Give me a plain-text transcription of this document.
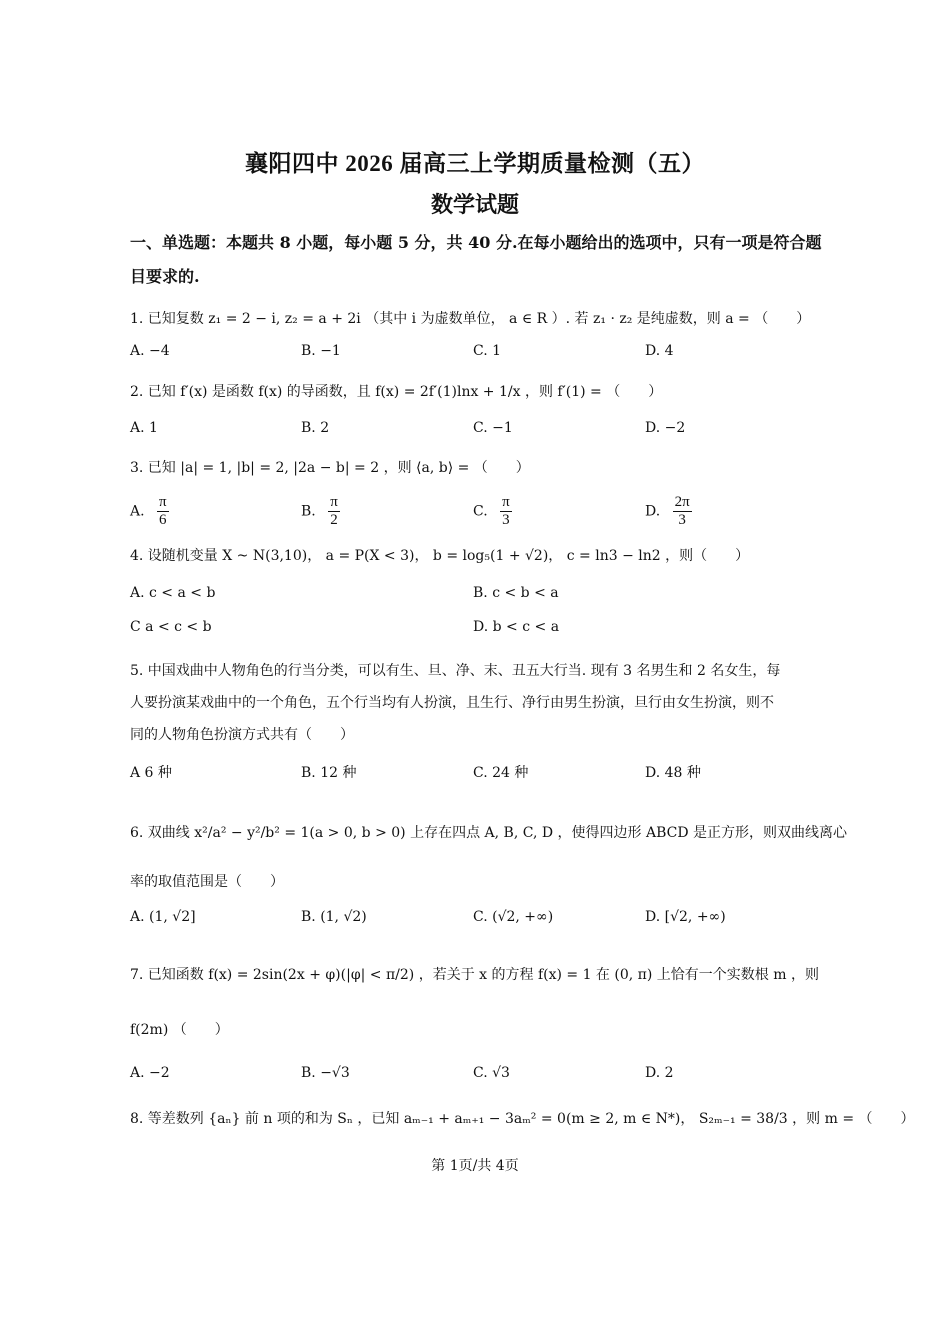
襄阳四中 2026 届高三上学期质量检测（五）
数学试题
一、单选题：本题共 8 小题，每小题 5 分，共 40 分.在每小题给出的选项中，只有一项是符合题目要求的.
1. 已知复数 z₁ = 2 − i, z₂ = a + 2i （其中 i 为虚数单位， a ∈ R ）. 若 z₁ · z₂ 是纯虚数，则 a = （　　）
A. −4	B. −1	C. 1	D. 4
2. 已知 f′(x) 是函数 f(x) 的导函数，且 f(x) = 2f′(1)lnx + 1/x ，则 f′(1) = （　　）
A. 1	B. 2	C. −1	D. −2
3. 已知 |a| = 1, |b| = 2, |2a − b| = 2 ，则 ⟨a, b⟩ = （　　）
A. $\frac{\pi}{6}$	B. $\frac{\pi}{2}$	C. $\frac{\pi}{3}$	D. $\frac{2\pi}{3}$
4. 设随机变量 X ~ N(3,10)， a = P(X < 3)， b = log₅(1 + √2)， c = ln3 − ln2 ，则（　　）
A. c < a < b	B. c < b < a
C a < c < b	D. b < c < a
5. 中国戏曲中人物角色的行当分类，可以有生、旦、净、末、丑五大行当. 现有 3 名男生和 2 名女生，每
人要扮演某戏曲中的一个角色，五个行当均有人扮演，且生行、净行由男生扮演，旦行由女生扮演，则不
同的人物角色扮演方式共有（　　）
A 6 种	B. 12 种	C. 24 种	D. 48 种
6. 双曲线 x²/a² − y²/b² = 1(a > 0, b > 0) 上存在四点 A, B, C, D ，使得四边形 ABCD 是正方形，则双曲线离心
率的取值范围是（　　）
A. (1, √2]	B. (1, √2)	C. (√2, +∞)	D. [√2, +∞)
7. 已知函数 f(x) = 2sin(2x + φ)(|φ| < π/2) ，若关于 x 的方程 f(x) = 1 在 (0, π) 上恰有一个实数根 m ，则
f(2m) （　　）
A. −2	B. −√3	C. √3	D. 2
8. 等差数列 {aₙ} 前 n 项的和为 Sₙ ，已知 aₘ₋₁ + aₘ₊₁ − 3aₘ² = 0(m ≥ 2, m ∈ N*)， S₂ₘ₋₁ = 38/3 ，则 m = （　　）
第 1页/共 4页
